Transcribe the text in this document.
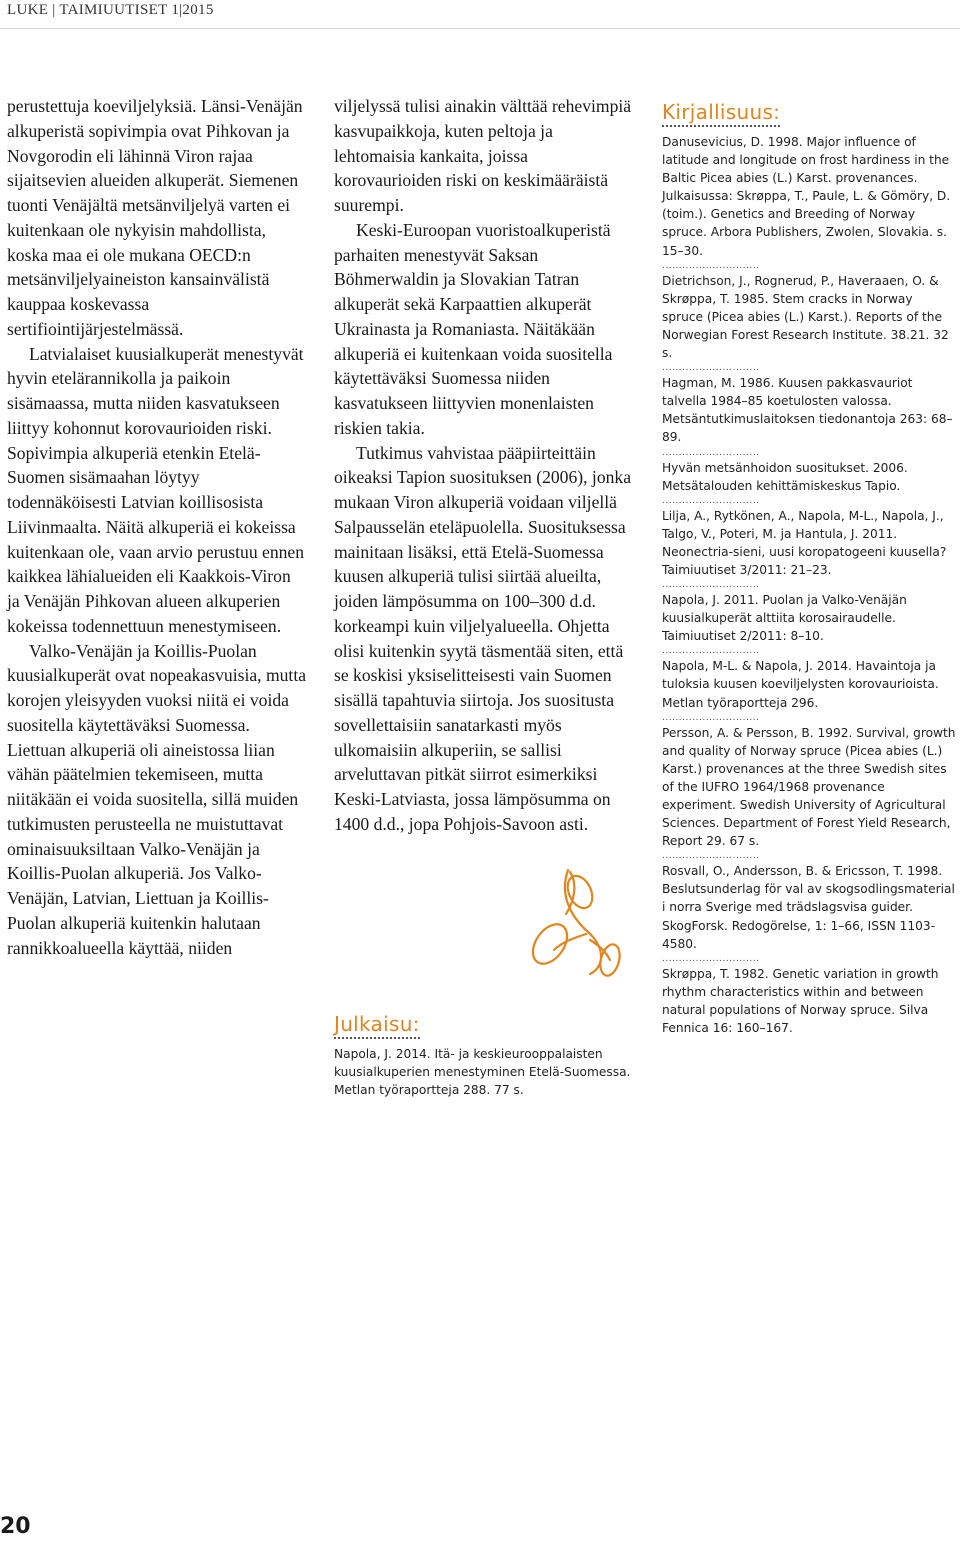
LUKE | TAIMIUUTISET 1|2015

perustettuja koeviljelyksiä. Länsi-Venäjän alkuperistä sopivimpia ovat Pihkovan ja Novgorodin eli lähinnä Viron rajaa sijaitsevien alueiden alkuperät. Siemenen tuonti Venäjältä metsänviljelyä varten ei kuitenkaan ole nykyisin mahdollista, koska maa ei ole mukana OECD:n metsänviljelyaineiston kansainvälistä kauppaa koskevassa sertifiointijärjestelmässä.

Latvialaiset kuusialkuperät menestyvät hyvin etelärannikolla ja paikoin sisämaassa, mutta niiden kasvatukseen liittyy kohonnut korovaurioiden riski. Sopivimpia alkuperiä etenkin Etelä-Suomen sisämaahan löytyy todennäköisesti Latvian koillisosista Liivinmaalta. Näitä alkuperiä ei kokeissa kuitenkaan ole, vaan arvio perustuu ennen kaikkea lähialueiden eli Kaakkois-Viron ja Venäjän Pihkovan alueen alkuperien kokeissa todennettuun menestymiseen.

Valko-Venäjän ja Koillis-Puolan kuusialkuperät ovat nopeakasvuisia, mutta korojen yleisyyden vuoksi niitä ei voida suositella käytettäväksi Suomessa. Liettuan alkuperiä oli aineistossa liian vähän päätelmien tekemiseen, mutta niitäkään ei voida suositella, sillä muiden tutkimusten perusteella ne muistuttavat ominaisuuksiltaan Valko-Venäjän ja Koillis-Puolan alkuperiä. Jos Valko-Venäjän, Latvian, Liettuan ja Koillis-Puolan alkuperiä kuitenkin halutaan rannikkoalueella käyttää, niiden

viljelyssä tulisi ainakin välttää rehevimpiä kasvupaikkoja, kuten peltoja ja lehtomaisia kankaita, joissa korovaurioiden riski on keskimääräistä suurempi.

Keski-Euroopan vuoristoalkuperistä parhaiten menestyvät Saksan Böhmerwaldin ja Slovakian Tatran alkuperät sekä Karpaattien alkuperät Ukrainasta ja Romaniasta. Näitäkään alkuperiä ei kuitenkaan voida suositella käytettäväksi Suomessa niiden kasvatukseen liittyvien monenlaisten riskien takia.

Tutkimus vahvistaa pääpiirteittäin oikeaksi Tapion suosituksen (2006), jonka mukaan Viron alkuperiä voidaan viljellä Salpausselän eteläpuolella. Suosituksessa mainitaan lisäksi, että Etelä-Suomessa kuusen alkuperiä tulisi siirtää alueilta, joiden lämpösumma on 100–300 d.d. korkeampi kuin viljelyalueella. Ohjetta olisi kuitenkin syytä täsmentää siten, että se koskisi yksiselitteisesti vain Suomen sisällä tapahtuvia siirtoja. Jos suositusta sovellettaisiin sanatarkasti myös ulkomaisiin alkuperiin, se sallisi arveluttavan pitkät siirrot esimerkiksi Keski-Latviasta, jossa lämpösumma on 1400 d.d., jopa Pohjois-Savoon asti.

Julkaisu:
Napola, J. 2014. Itä- ja keskieurooppalaisten kuusialkuperien menestyminen Etelä-Suomessa. Metlan työraportteja 288. 77 s.
Kirjallisuus:

Danusevicius, D. 1998. Major influence of latitude and longitude on frost hardiness in the Baltic Picea abies (L.) Karst. provenances. Julkaisussa: Skrøppa, T., Paule, L. & Gömöry, D. (toim.). Genetics and Breeding of Norway spruce. Arbora Publishers, Zwolen, Slovakia. s. 15–30.

.............................

Dietrichson, J., Rognerud, P., Haveraaen, O. & Skrøppa, T. 1985. Stem cracks in Norway spruce (Picea abies (L.) Karst.). Reports of the Norwegian Forest Research Institute. 38.21. 32 s.

.............................

Hagman, M. 1986. Kuusen pakkasvauriot talvella 1984–85 koetulosten valossa. Metsäntutkimuslaitoksen tiedonantoja 263: 68–89.

.............................

Hyvän metsänhoidon suositukset. 2006. Metsätalouden kehittämiskeskus Tapio.

.............................

Lilja, A., Rytkönen, A., Napola, M-L., Napola, J., Talgo, V., Poteri, M. ja Hantula, J. 2011. Neonectria-sieni, uusi koropatogeeni kuusella? Taimiuutiset 3/2011: 21–23.

.............................

Napola, J. 2011. Puolan ja Valko-Venäjän kuusialkuperät alttiita korosairaudelle. Taimiuutiset 2/2011: 8–10.

.............................

Napola, M-L. & Napola, J. 2014. Havaintoja ja tuloksia kuusen koeviljelysten korovaurioista. Metlan työraportteja 296.

.............................

Persson, A. & Persson, B. 1992. Survival, growth and quality of Norway spruce (Picea abies (L.) Karst.) provenances at the three Swedish sites of the IUFRO 1964/1968 provenance experiment. Swedish University of Agricultural Sciences. Department of Forest Yield Research, Report 29. 67 s.

.............................

Rosvall, O., Andersson, B. & Ericsson, T. 1998. Beslutsunderlag för val av skogsodlingsmaterial i norra Sverige med trädslagsvisa guider. SkogForsk. Redogörelse, 1: 1–66, ISSN 1103-4580.

.............................

Skrøppa, T. 1982. Genetic variation in growth rhythm characteristics within and between natural populations of Norway spruce. Silva Fennica 16: 160–167.

20
